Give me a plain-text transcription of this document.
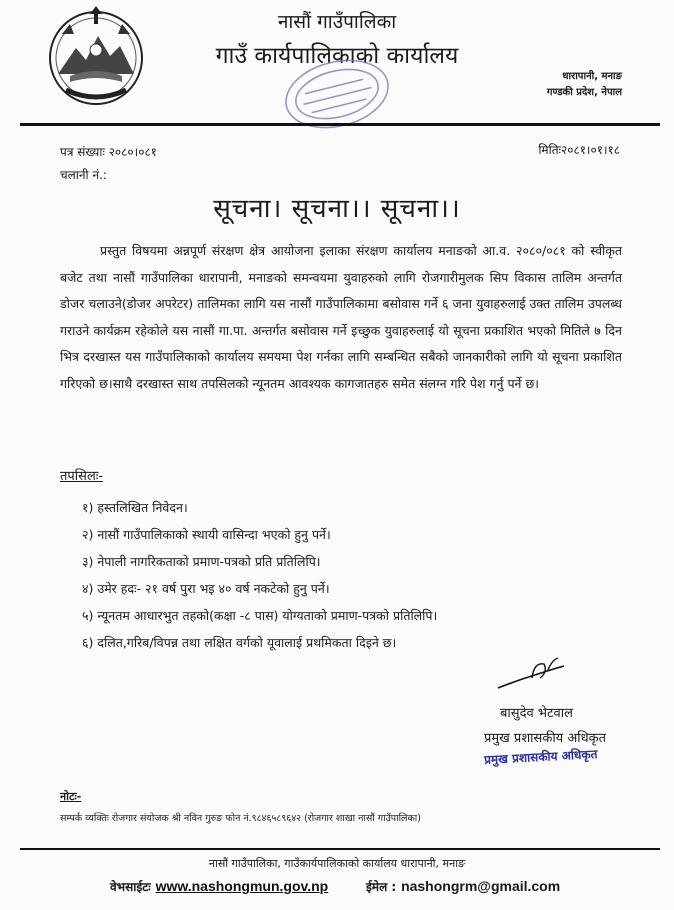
नासौं गाउँपालिका
गाउँ कार्यपालिकाको कार्यालय
धारापानी, मनाङ
गण्डकी प्रदेश, नेपाल
पत्र संख्याः २०८०।०८१
चलानी नं.:
मितिः२०८१।०१।१८
सूचना। सूचना।। सूचना।।

प्रस्तुत विषयमा अन्नपूर्ण संरक्षण क्षेत्र आयोजना इलाका संरक्षण कार्यालय मनाङको आ.व. २०८०/०८१ को स्वीकृत बजेट तथा नासौं गाउँपालिका धारापानी, मनाङको समन्वयमा युवाहरुको लागि रोजगारीमुलक सिप विकास तालिम अन्तर्गत डोजर चलाउने(डोजर अपरेटर) तालिमका लागि यस नासौं गाउँपालिकामा बसोवास गर्ने ६ जना युवाहरुलाई उक्त तालिम उपलब्ध गराउने कार्यक्रम रहेकोले यस नासौं गा.पा. अन्तर्गत बसोवास गर्ने इच्छुक युवाहरुलाई यो सूचना प्रकाशित भएको मितिले ७ दिन भित्र दरखास्त यस गाउँपालिकाको कार्यालय समयमा पेश गर्नका लागि सम्बन्धित सबैको जानकारीको लागि यो सूचना प्रकाशित गरिएको छ।साथै दरखास्त साथ तपसिलको न्यूनतम आवश्यक कागजातहरु समेत संलग्न गरि पेश गर्नु पर्ने छ।

तपसिलः-
१) हस्तलिखित निवेदन।
२) नासौं गाउँपालिकाको स्थायी वासिन्दा भएको हुनु पर्ने।
३) नेपाली नागरिकताको प्रमाण-पत्रको प्रति प्रतिलिपि।
४) उमेर हदः- २१ वर्ष पुरा भइ ४० वर्ष नकटेको हुनु पर्ने।
५) न्यूनतम आधारभुत तहको(कक्षा -८ पास) योग्यताको प्रमाण-पत्रको प्रतिलिपि।
६) दलित,गरिब/विपन्न तथा लक्षित वर्गको यूवालाई प्रथमिकता दिइने छ।
बासुदेव भेटवाल
प्रमुख प्रशासकीय अधिकृत
प्रमुख प्रशासकीय अधिकृत
नोटः-
सम्पर्क व्यक्तिः रोजगार संयोजक श्री नविन गुरुङ फोन नं.९८४६५८९६४२ (रोजगार शाखा नासौं गाउँपालिका)
नासौं गाउँपालिका, गाउँकार्यपालिकाको कार्यालय धारापानी, मनाङ
वेभसाईटः www.nashongmun.gov.np	ईमेल : nashongrm@gmail.com
